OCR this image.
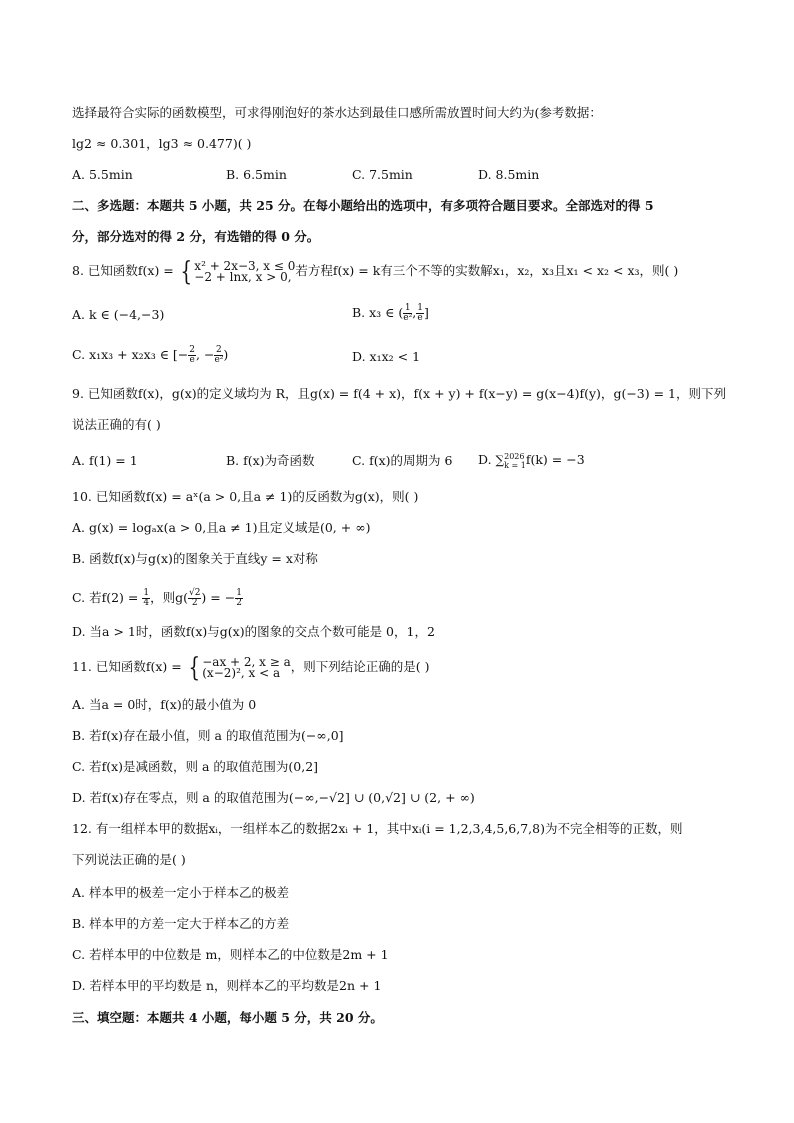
选择最符合实际的函数模型，可求得刚泡好的茶水达到最佳口感所需放置时间大约为(参考数据：
lg2 ≈ 0.301，lg3 ≈ 0.477)( )
A. 5.5min	B. 6.5min	C. 7.5min	D. 8.5min
二、多选题：本题共 5 小题，共 25 分。在每小题给出的选项中，有多项符合题目要求。全部选对的得 5
分，部分选对的得 2 分，有选错的得 0 分。
8. 已知函数f(x) = { x² + 2x−3, x ≤ 0
−2 + lnx, x > 0, 若方程f(x) = k有三个不等的实数解x₁，x₂，x₃且x₁ < x₂ < x₃，则( )
A. k ∈ (−4,−3)	B. x₃ ∈ ( $\frac{1}{\text{e²}}$ , $\frac{1}{e}$ ]
C. x₁x₃ + x₂x₃ ∈ [− $\frac{2}{e}$ , − $\frac{2}{\text{e²}}$ )	D. x₁x₂ < 1
9. 已知函数f(x)，g(x)的定义域均为 R，且g(x) = f(4 + x)，f(x + y) + f(x−y) = g(x−4)f(y)，g(−3) = 1，则下列
说法正确的有( )
A. f(1) = 1	B. f(x)为奇函数	C. f(x)的周期为 6 D. ∑ 2026
k = 1 f(k) = −3
10. 已知函数f(x) = aˣ(a > 0,且a ≠ 1)的反函数为g(x)，则( )
A. g(x) = logₐx(a > 0,且a ≠ 1)且定义域是(0, + ∞)
B. 函数f(x)与g(x)的图象关于直线y = x对称
C. 若$f(2) = \frac{1}{4}$ ，则$g( \frac{√2}{2}$ ) = − $\frac{1}{2}$
D. 当a > 1时，函数f(x)与g(x)的图象的交点个数可能是 0，1，2
11. 已知函数f(x) = { −ax + 2, x ≥ a
(x−2)², x < a ，则下列结论正确的是( )
A. 当a = 0时，f(x)的最小值为 0
B. 若f(x)存在最小值，则 a 的取值范围为(−∞,0]
C. 若f(x)是减函数，则 a 的取值范围为(0,2]
D. 若f(x)存在零点，则 a 的取值范围为(−∞,−√2] ∪ (0,√2] ∪ (2, + ∞)
12. 有一组样本甲的数据xᵢ，一组样本乙的数据2xᵢ + 1，其中xᵢ(i = 1,2,3,4,5,6,7,8)为不完全相等的正数，则
下列说法正确的是( )
A. 样本甲的极差一定小于样本乙的极差
B. 样本甲的方差一定大于样本乙的方差
C. 若样本甲的中位数是 m，则样本乙的中位数是2m + 1
D. 若样本甲的平均数是 n，则样本乙的平均数是2n + 1
三、填空题：本题共 4 小题，每小题 5 分，共 20 分。
